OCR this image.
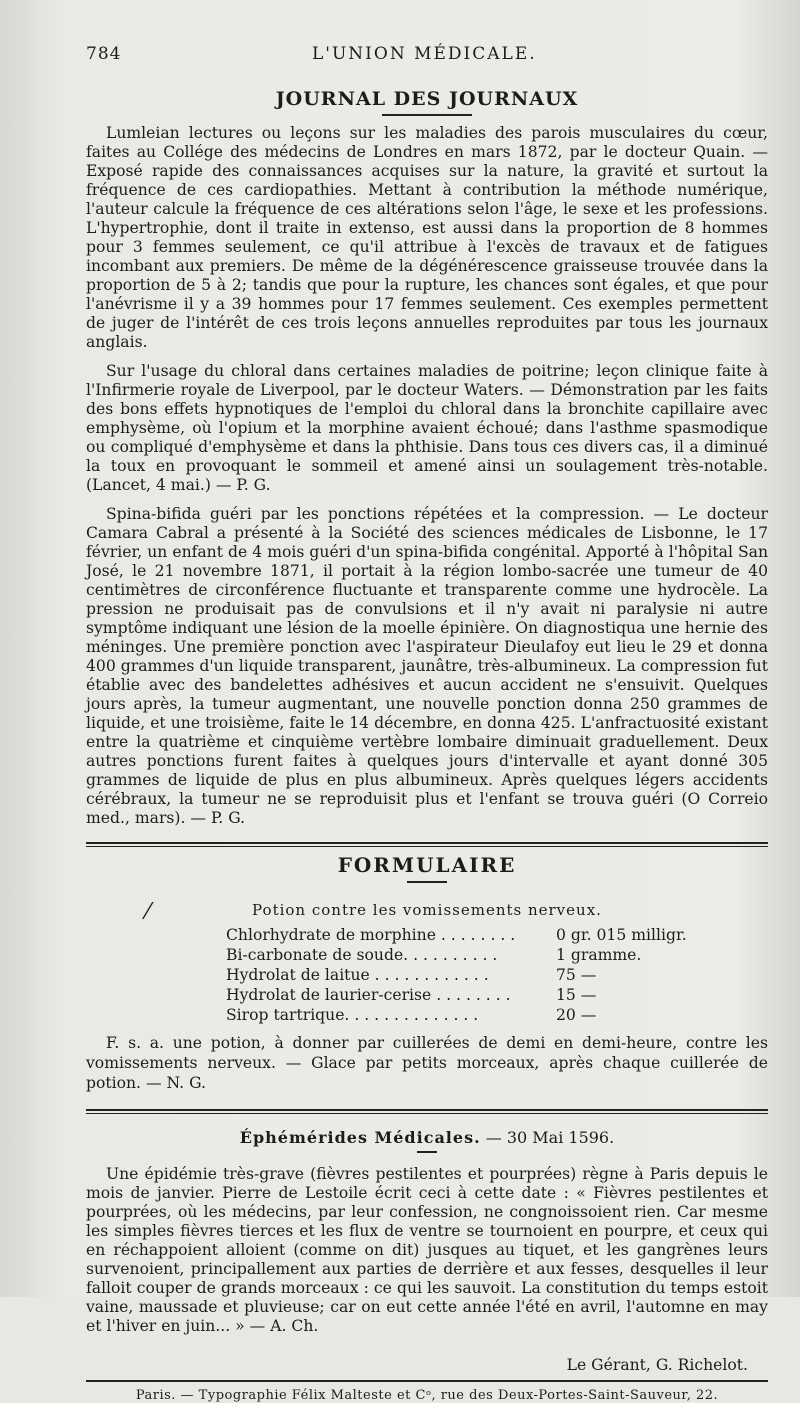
784	L'UNION MÉDICALE.
JOURNAL DES JOURNAUX

Lumleian lectures ou leçons sur les maladies des parois musculaires du cœur, faites au Collége des médecins de Londres en mars 1872, par le docteur Quain. — Exposé rapide des connaissances acquises sur la nature, la gravité et surtout la fréquence de ces cardiopathies. Mettant à contribution la méthode numérique, l'auteur calcule la fréquence de ces altérations selon l'âge, le sexe et les professions. L'hypertrophie, dont il traite in extenso, est aussi dans la proportion de 8 hommes pour 3 femmes seulement, ce qu'il attribue à l'excès de travaux et de fatigues incombant aux premiers. De même de la dégénérescence graisseuse trouvée dans la proportion de 5 à 2; tandis que pour la rupture, les chances sont égales, et que pour l'anévrisme il y a 39 hommes pour 17 femmes seulement. Ces exemples permettent de juger de l'intérêt de ces trois leçons annuelles reproduites par tous les journaux anglais.

Sur l'usage du chloral dans certaines maladies de poitrine; leçon clinique faite à l'Infirmerie royale de Liverpool, par le docteur Waters. — Démonstration par les faits des bons effets hypnotiques de l'emploi du chloral dans la bronchite capillaire avec emphysème, où l'opium et la morphine avaient échoué; dans l'asthme spasmodique ou compliqué d'emphysème et dans la phthisie. Dans tous ces divers cas, il a diminué la toux en provoquant le sommeil et amené ainsi un soulagement très-notable. (Lancet, 4 mai.) — P. G.

Spina-bifida guéri par les ponctions répétées et la compression. — Le docteur Camara Cabral a présenté à la Société des sciences médicales de Lisbonne, le 17 février, un enfant de 4 mois guéri d'un spina-bifida congénital. Apporté à l'hôpital San José, le 21 novembre 1871, il portait à la région lombo-sacrée une tumeur de 40 centimètres de circonférence fluctuante et transparente comme une hydrocèle. La pression ne produisait pas de convulsions et il n'y avait ni paralysie ni autre symptôme indiquant une lésion de la moelle épinière. On diagnostiqua une hernie des méninges. Une première ponction avec l'aspirateur Dieulafoy eut lieu le 29 et donna 400 grammes d'un liquide transparent, jaunâtre, très-albumineux. La compression fut établie avec des bandelettes adhésives et aucun accident ne s'ensuivit. Quelques jours après, la tumeur augmentant, une nouvelle ponction donna 250 grammes de liquide, et une troisième, faite le 14 décembre, en donna 425. L'anfractuosité existant entre la quatrième et cinquième vertèbre lombaire diminuait graduellement. Deux autres ponctions furent faites à quelques jours d'intervalle et ayant donné 305 grammes de liquide de plus en plus albumineux. Après quelques légers accidents cérébraux, la tumeur ne se reproduisit plus et l'enfant se trouva guéri (O Correio med., mars). — P. G.

FORMULAIRE
Potion contre les vomissements nerveux.
Chlorhydrate de morphine . . . . . . . .	0 gr. 015 milligr.
Bi-carbonate de soude. . . . . . . . . .	1 gramme.
Hydrolat de laitue . . . . . . . . . . . .	75 —
Hydrolat de laurier-cerise . . . . . . . .	15 —
Sirop tartrique. . . . . . . . . . . . . .	20 —

F. s. a. une potion, à donner par cuillerées de demi en demi-heure, contre les vomissements nerveux. — Glace par petits morceaux, après chaque cuillerée de potion. — N. G.

Éphémérides Médicales. — 30 Mai 1596.

Une épidémie très-grave (fièvres pestilentes et pourprées) règne à Paris depuis le mois de janvier. Pierre de Lestoile écrit ceci à cette date : « Fièvres pestilentes et pourprées, où les médecins, par leur confession, ne congnoissoient rien. Car mesme les simples fièvres tierces et les flux de ventre se tournoient en pourpre, et ceux qui en réchappoient alloient (comme on dit) jusques au tiquet, et les gangrènes leurs survenoient, principallement aux parties de derrière et aux fesses, desquelles il leur falloit couper de grands morceaux : ce qui les sauvoit. La constitution du temps estoit vaine, maussade et pluvieuse; car on eut cette année l'été en avril, l'automne en may et l'hiver en juin... » — A. Ch.

Le Gérant, G. Richelot.
Paris. — Typographie Félix Malteste et Cᵒ, rue des Deux-Portes-Saint-Sauveur, 22.
⁄
